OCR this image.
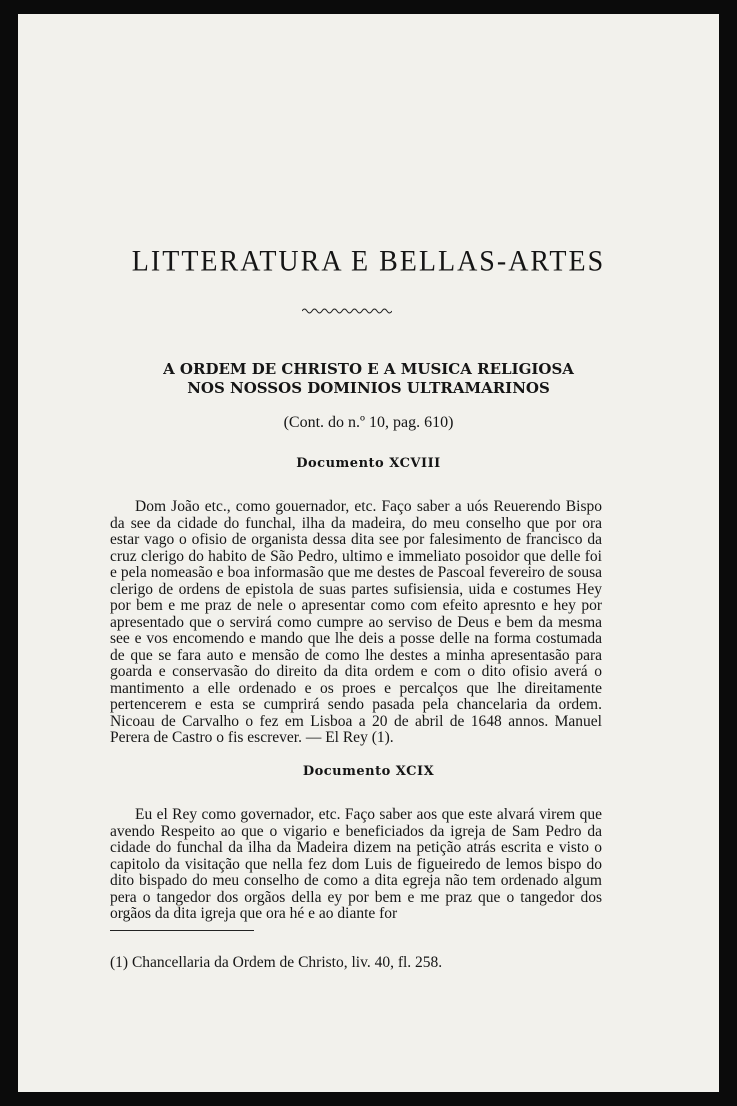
LITTERATURA E BELLAS-ARTES
A ORDEM DE CHRISTO E A MUSICA RELIGIOSA
NOS NOSSOS DOMINIOS ULTRAMARINOS
(Cont. do n.º 10, pag. 610)
Documento XCVIII

Dom João etc., como gouernador, etc. Faço saber a uós Reuerendo Bispo da see da cidade do funchal, ilha da madeira, do meu conselho que por ora estar vago o ofisio de organista dessa dita see por falesimento de francisco da cruz clerigo do habito de São Pedro, ultimo e immeliato posoidor que delle foi e pela nomeasão e boa informasão que me destes de Pascoal fevereiro de sousa clerigo de ordens de epistola de suas partes sufisiensia, uida e costumes Hey por bem e me praz de nele o apresentar como com efeito apresnto e hey por apresentado que o servirá como cumpre ao serviso de Deus e bem da mesma see e vos encomendo e mando que lhe deis a posse delle na forma costumada de que se fara auto e mensão de como lhe destes a minha apresentasão para goarda e conservasão do direito da dita ordem e com o dito ofisio averá o mantimento a elle ordenado e os proes e percalços que lhe direitamente pertencerem e esta se cumprirá sendo pasada pela chancelaria da ordem. Nicoau de Carvalho o fez em Lisboa a 20 de abril de 1648 annos. Manuel Perera de Castro o fis escrever. — El Rey (1).

Documento XCIX

Eu el Rey como governador, etc. Faço saber aos que este alvará virem que avendo Respeito ao que o vigario e beneficiados da igreja de Sam Pedro da cidade do funchal da ilha da Madeira dizem na petição atrás escrita e visto o capitolo da visitação que nella fez dom Luis de figueiredo de lemos bispo do dito bispado do meu conselho de como a dita egreja não tem ordenado algum pera o tangedor dos orgãos della ey por bem e me praz que o tangedor dos orgãos da dita igreja que ora hé e ao diante for

(1) Chancellaria da Ordem de Christo, liv. 40, fl. 258.
